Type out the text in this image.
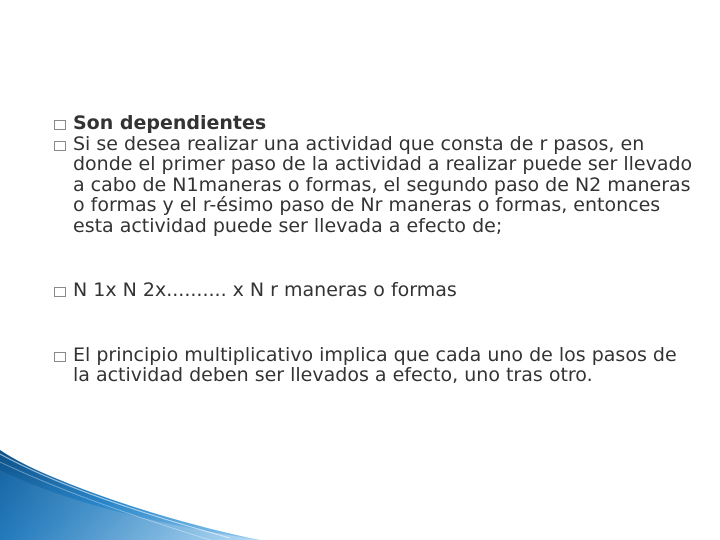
Son dependientes
Si se desea realizar una actividad que consta de r pasos, en donde el primer paso de la actividad a realizar puede ser llevado a cabo de N1maneras o formas, el segundo paso de N2 maneras o formas y el r-ésimo paso de Nr maneras o formas, entonces esta actividad puede ser llevada a efecto de;
N 1x N 2x.......... x N r maneras o formas
El principio multiplicativo implica que cada uno de los pasos de la actividad deben ser llevados a efecto, uno tras otro.
